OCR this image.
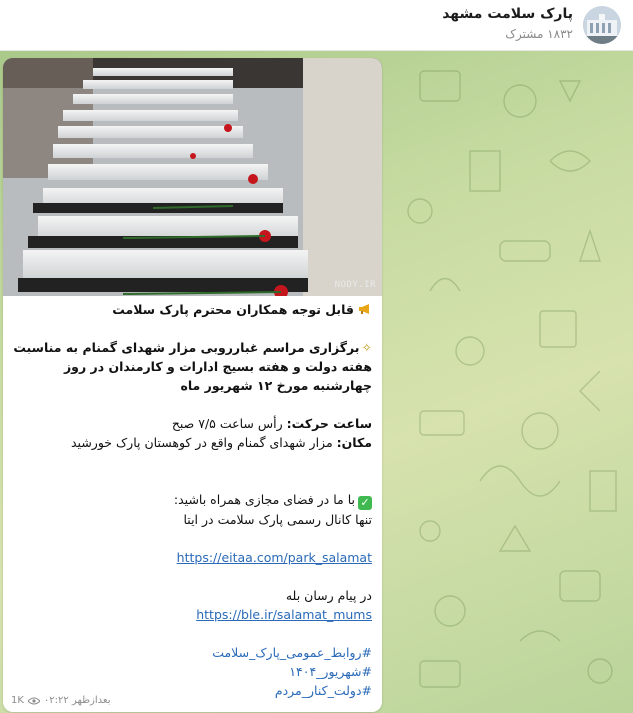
پارک سلامت مشهد
۱۸۳۲ مشترک
NODY.IR

قابل توجه همکاران محترم پارک سلامت

✧برگزاری مراسم غبارروبی مزار شهدای گمنام به مناسبت هفته دولت و هفته بسیج ادارات و کارمندان در روز چهارشنبه مورخ ۱۲ شهریور ماه

ساعت حرکت: رأس ساعت ۷/۵ صبح

مکان: مزار شهدای گمنام واقع در کوهستان پارک خورشید

✓با ما در فضای مجازی همراه باشید:

تنها کانال رسمی پارک سلامت در ایتا

https://eitaa.com/park_salamat

در پیام رسان بله

https://ble.ir/salamat_mums

#روابط_عمومی_پارک_سلامت

#شهریور_۱۴۰۴

#دولت_کنار_مردم

1K ۰۲:۲۲ بعدازظهر
